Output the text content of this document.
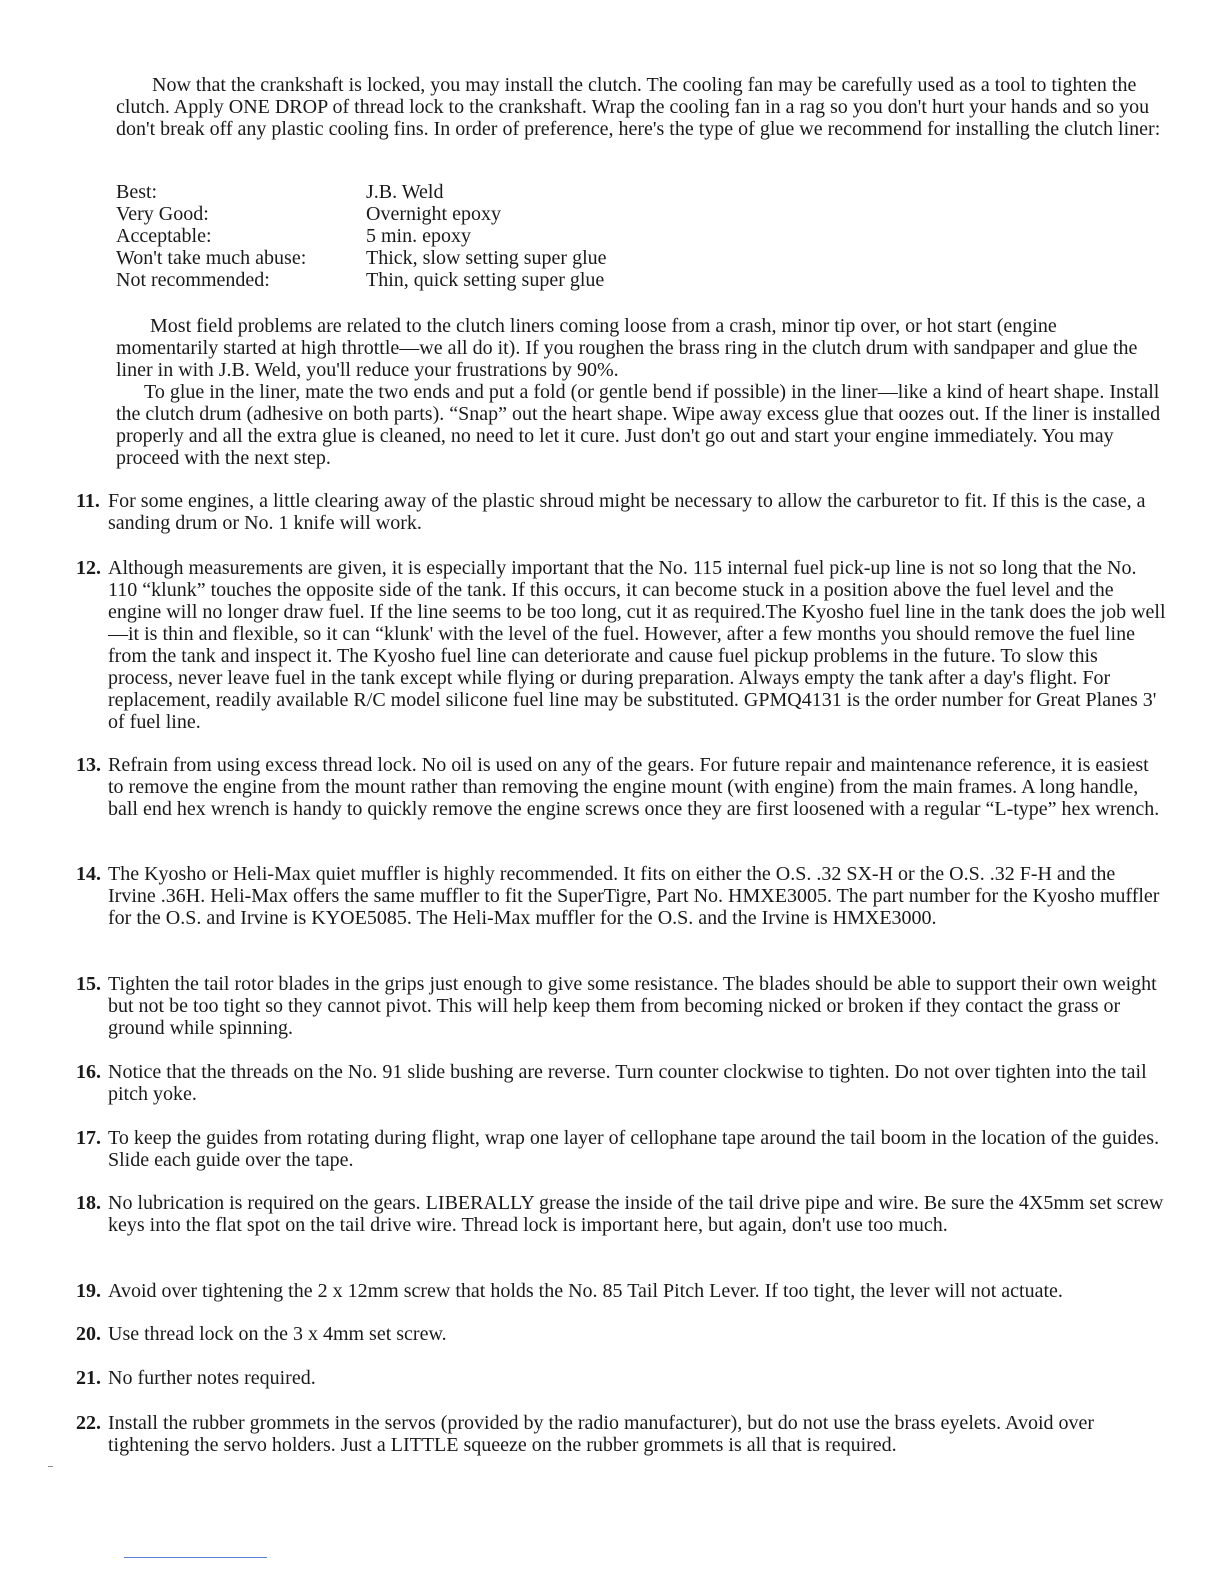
Now that the crankshaft is locked, you may install the clutch. The cooling fan may be carefully used as a tool to tighten the clutch. Apply ONE DROP of thread lock to the crankshaft. Wrap the cooling fan in a rag so you don't hurt your hands and so you don't break off any plastic cooling fins. In order of preference, here's the type of glue we recommend for installing the clutch liner:

Best:	J.B. Weld
Very Good:	Overnight epoxy
Acceptable:	5 min. epoxy
Won't take much abuse:	Thick, slow setting super glue
Not recommended:	Thin, quick setting super glue

Most field problems are related to the clutch liners coming loose from a crash, minor tip over, or hot start (engine momentarily started at high throttle—we all do it). If you roughen the brass ring in the clutch drum with sandpaper and glue the liner in with J.B. Weld, you'll reduce your frustrations by 90%.

To glue in the liner, mate the two ends and put a fold (or gentle bend if possible) in the liner—like a kind of heart shape. Install the clutch drum (adhesive on both parts). “Snap” out the heart shape. Wipe away excess glue that oozes out. If the liner is installed properly and all the extra glue is cleaned, no need to let it cure. Just don't go out and start your engine immediately. You may proceed with the next step.

11. For some engines, a little clearing away of the plastic shroud might be necessary to allow the carburetor to fit. If this is the case, a sanding drum or No. 1 knife will work.
12. Although measurements are given, it is especially important that the No. 115 internal fuel pick-up line is not so long that the No. 110 “klunk” touches the opposite side of the tank. If this occurs, it can become stuck in a position above the fuel level and the engine will no longer draw fuel. If the line seems to be too long, cut it as required.The Kyosho fuel line in the tank does the job well—it is thin and flexible, so it can “klunk' with the level of the fuel. However, after a few months you should remove the fuel line from the tank and inspect it. The Kyosho fuel line can deteriorate and cause fuel pickup problems in the future. To slow this process, never leave fuel in the tank except while flying or during preparation. Always empty the tank after a day's flight. For replacement, readily available R/C model silicone fuel line may be substituted. GPMQ4131 is the order number for Great Planes 3' of fuel line.
13. Refrain from using excess thread lock. No oil is used on any of the gears. For future repair and maintenance reference, it is easiest to remove the engine from the mount rather than removing the engine mount (with engine) from the main frames. A long handle, ball end hex wrench is handy to quickly remove the engine screws once they are first loosened with a regular “L-type” hex wrench.
14. The Kyosho or Heli-Max quiet muffler is highly recommended. It fits on either the O.S. .32 SX-H or the O.S. .32 F-H and the Irvine .36H. Heli-Max offers the same muffler to fit the SuperTigre, Part No. HMXE3005. The part number for the Kyosho muffler for the O.S. and Irvine is KYOE5085. The Heli-Max muffler for the O.S. and the Irvine is HMXE3000.
15. Tighten the tail rotor blades in the grips just enough to give some resistance. The blades should be able to support their own weight but not be too tight so they cannot pivot. This will help keep them from becoming nicked or broken if they contact the grass or ground while spinning.
16. Notice that the threads on the No. 91 slide bushing are reverse. Turn counter clockwise to tighten. Do not over tighten into the tail pitch yoke.
17. To keep the guides from rotating during flight, wrap one layer of cellophane tape around the tail boom in the location of the guides. Slide each guide over the tape.
18. No lubrication is required on the gears. LIBERALLY grease the inside of the tail drive pipe and wire. Be sure the 4X5mm set screw keys into the flat spot on the tail drive wire. Thread lock is important here, but again, don't use too much.
19. Avoid over tightening the 2 x 12mm screw that holds the No. 85 Tail Pitch Lever. If too tight, the lever will not actuate.
20. Use thread lock on the 3 x 4mm set screw.
21. No further notes required.
22. Install the rubber grommets in the servos (provided by the radio manufacturer), but do not use the brass eyelets. Avoid over tightening the servo holders. Just a LITTLE squeeze on the rubber grommets is all that is required.
